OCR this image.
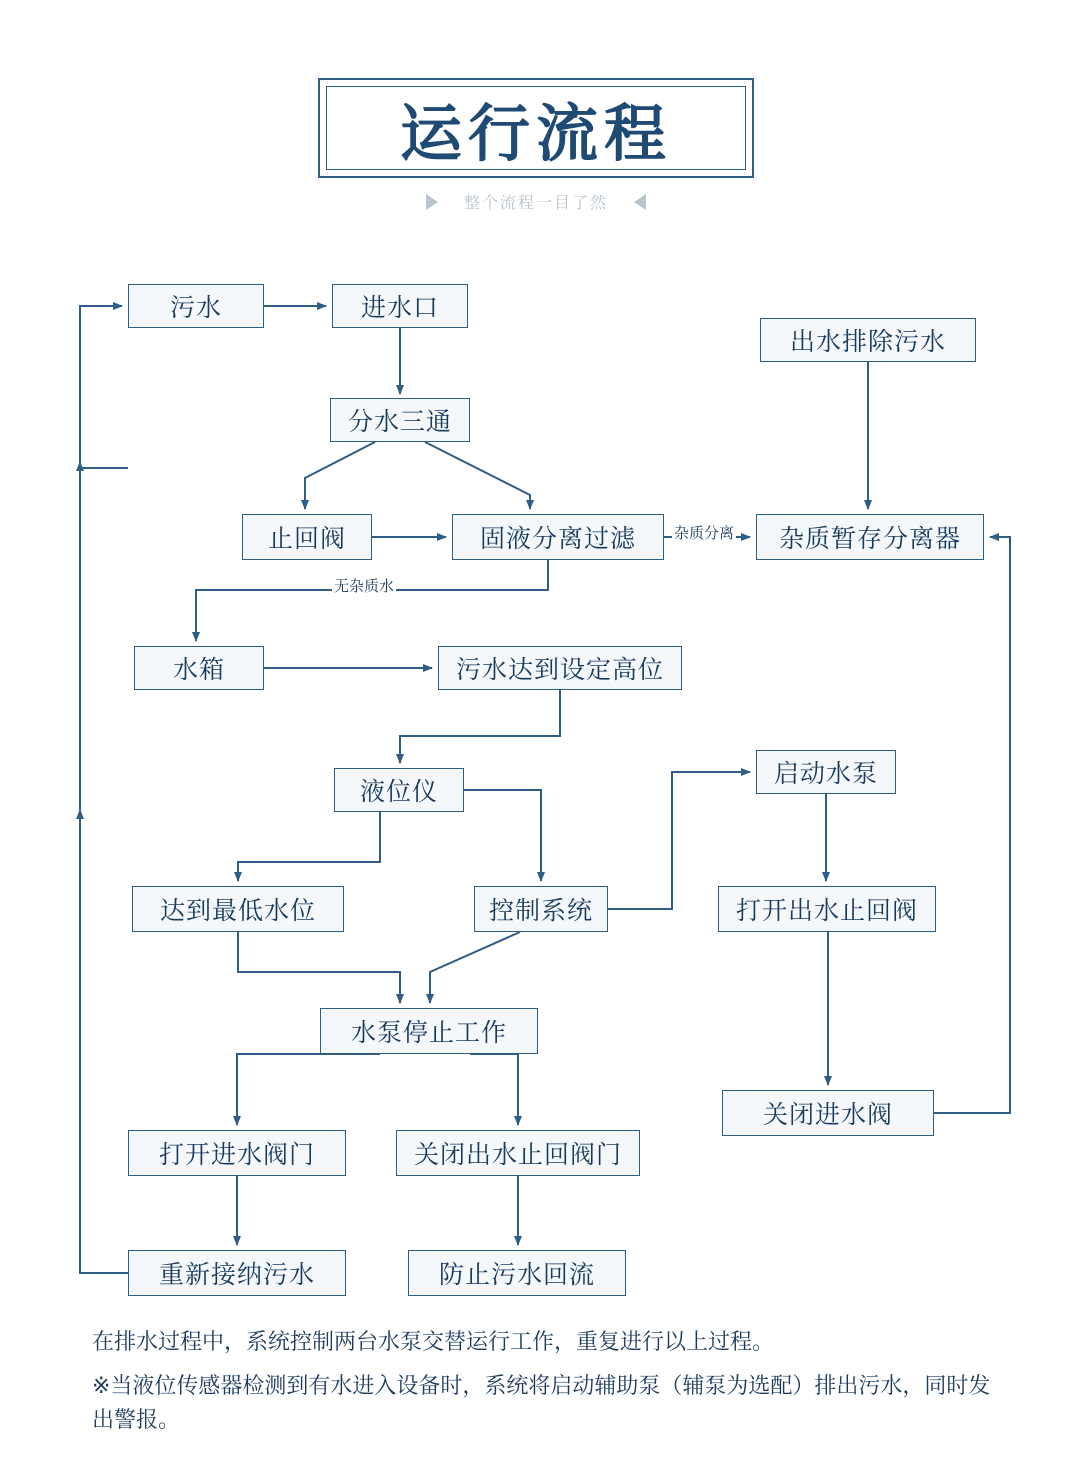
运行流程
整个流程一目了然
污水	进水口
出水排除污水
分水三通
止回阀	固液分离过滤	杂质暂存分离器
水箱	污水达到设定高位
液位仪
启动水泵
达到最低水位	控制系统	打开出水止回阀
水泵停止工作
关闭进水阀
打开进水阀门	关闭出水止回阀门
重新接纳污水	防止污水回流
杂质分离
无杂质水

在排水过程中，系统控制两台水泵交替运行工作，重复进行以上过程。

※当液位传感器检测到有水进入设备时，系统将启动辅助泵（辅泵为选配）排出污水，同时发出警报。
